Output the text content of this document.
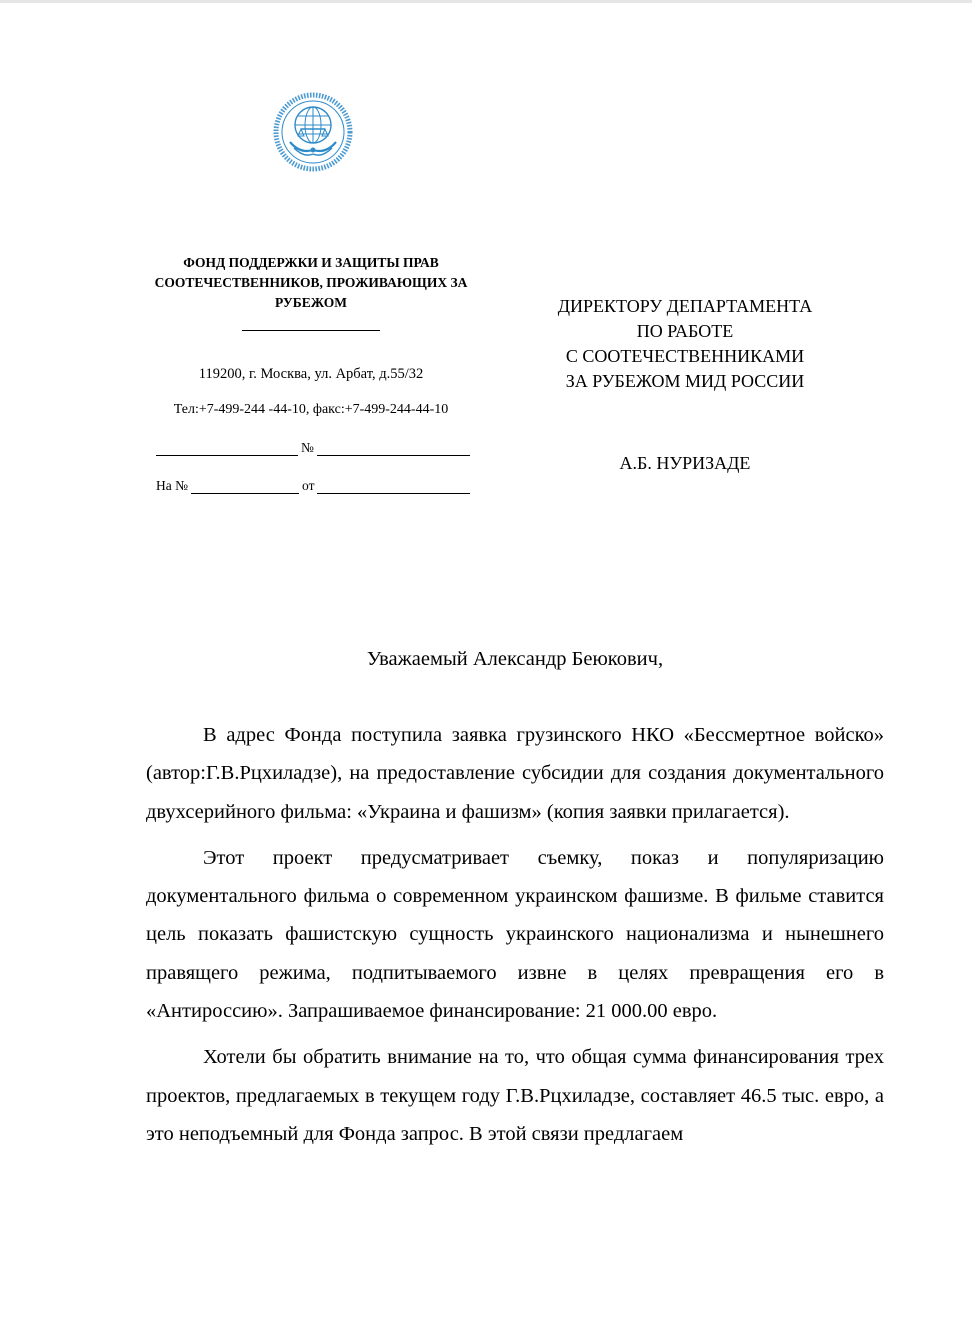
ФОНД ПОДДЕРЖКИ И ЗАЩИТЫ ПРАВ СООТЕЧЕСТВЕННИКОВ, ПРОЖИВАЮЩИХ ЗА РУБЕЖОМ

119200, г. Москва, ул. Арбат, д.55/32
Тел:+7-499-244 -44-10, факс:+7-499-244-44-10
№
На №	от
ДИРЕКТОРУ ДЕПАРТАМЕНТА
ПО РАБОТЕ
С СООТЕЧЕСТВЕННИКАМИ
ЗА РУБЕЖОМ МИД РОССИИ
А.Б. НУРИЗАДЕ
Уважаемый Александр Беюкович,

В адрес Фонда поступила заявка грузинского НКО «Бессмертное войско» (автор:Г.В.Рцхиладзе), на предоставление субсидии для создания документального двухсерийного фильма: «Украина и фашизм» (копия заявки прилагается).

Этот проект предусматривает съемку, показ и популяризацию документального фильма о современном украинском фашизме. В фильме ставится цель показать фашистскую сущность украинского национализма и нынешнего правящего режима, подпитываемого извне в целях превращения его в «Антироссию». Запрашиваемое финансирование: 21 000.00 евро.

Хотели бы обратить внимание на то, что общая сумма финансирования трех проектов, предлагаемых в текущем году Г.В.Рцхиладзе, составляет 46.5 тыс. евро, а это неподъемный для Фонда запрос. В этой связи предлагаем
